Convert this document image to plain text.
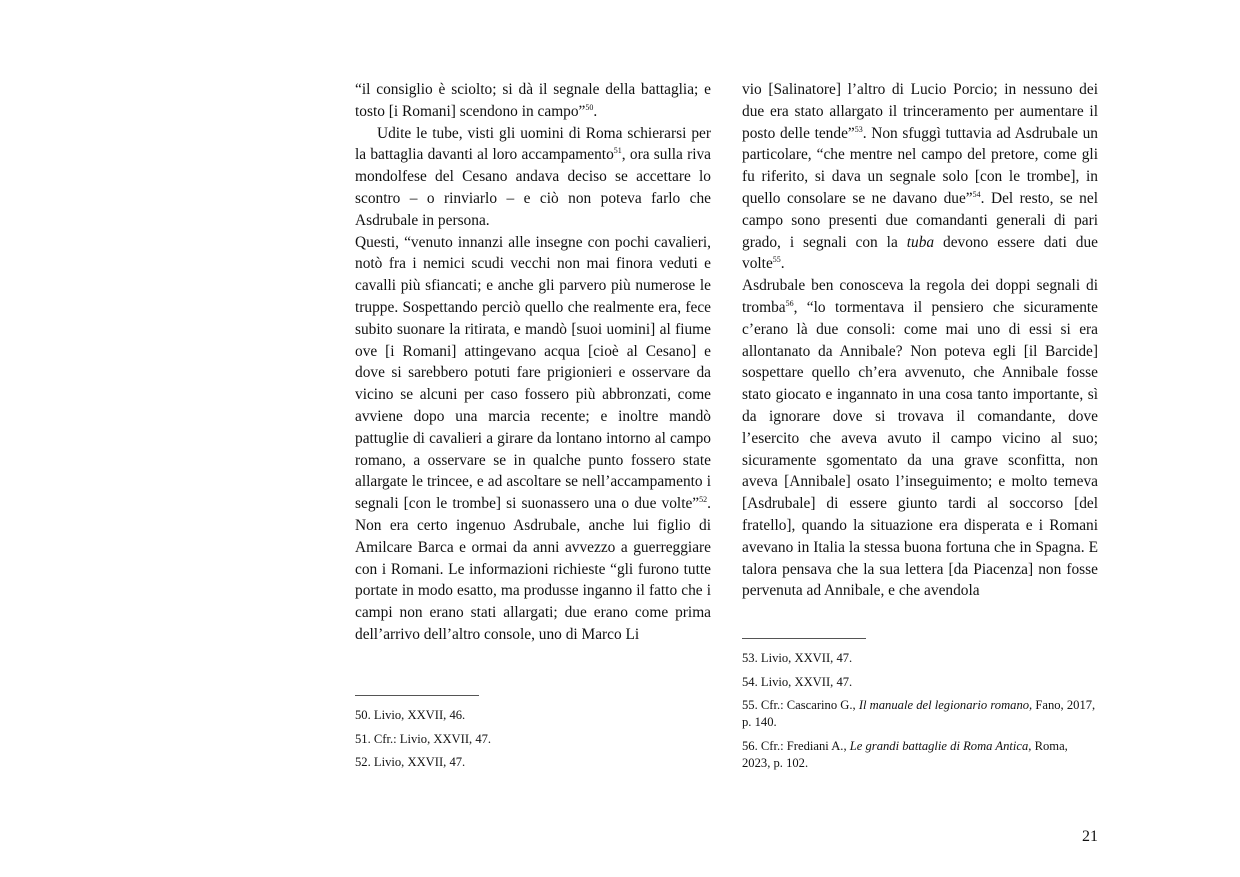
“il consiglio è sciolto; si dà il segnale della battaglia; e tosto [i Romani] scendono in campo”$^{50}$.

Udite le tube, visti gli uomini di Roma schierarsi per la battaglia davanti al loro accampamento$^{51}$, ora sulla riva mondolfese del Cesano andava deciso se accettare lo scontro – o rinviarlo – e ciò non poteva farlo che Asdrubale in persona.

Questi, “venuto innanzi alle insegne con pochi cavalieri, notò fra i nemici scudi vecchi non mai finora veduti e cavalli più sfiancati; e anche gli parvero più numerose le truppe. Sospettando perciò quello che realmente era, fece subito suonare la ritirata, e mandò [suoi uomini] al fiume ove [i Romani] attingevano acqua [cioè al Cesano] e dove si sarebbero potuti fare prigionieri e osservare da vicino se alcuni per caso fossero più abbronzati, come avviene dopo una marcia recente; e inoltre mandò pattuglie di cavalieri a girare da lontano intorno al campo romano, a osservare se in qualche punto fossero state allargate le trincee, e ad ascoltare se nell’accampamento i segnali [con le trombe] si suonassero una o due volte”$^{52}$. Non era certo ingenuo Asdrubale, anche lui figlio di Amilcare Barca e ormai da anni avvezzo a guerreggiare con i Romani. Le informazioni richieste “gli furono tutte portate in modo esatto, ma produsse inganno il fatto che i campi non erano stati allargati; due erano come prima dell’arrivo dell’altro console, uno di Marco Li

vio [Salinatore] l’altro di Lucio Porcio; in nessuno dei due era stato allargato il trinceramento per aumentare il posto delle tende”$^{53}$. Non sfuggì tuttavia ad Asdrubale un particolare, “che mentre nel campo del pretore, come gli fu riferito, si dava un segnale solo [con le trombe], in quello consolare se ne davano due”$^{54}$. Del resto, se nel campo sono presenti due comandanti generali di pari grado, i segnali con la tuba devono essere dati due volte$^{55}$.

Asdrubale ben conosceva la regola dei doppi segnali di tromba$^{56}$, “lo tormentava il pensiero che sicuramente c’erano là due consoli: come mai uno di essi si era allontanato da Annibale? Non poteva egli [il Barcide] sospettare quello ch’era avvenuto, che Annibale fosse stato giocato e ingannato in una cosa tanto importante, sì da ignorare dove si trovava il comandante, dove l’esercito che aveva avuto il campo vicino al suo; sicuramente sgomentato da una grave sconfitta, non aveva [Annibale] osato l’inseguimento; e molto temeva [Asdrubale] di essere giunto tardi al soccorso [del fratello], quando la situazione era disperata e i Romani avevano in Italia la stessa buona fortuna che in Spagna. E talora pensava che la sua lettera [da Piacenza] non fosse pervenuta ad Annibale, e che avendola

50. Livio, XXVII, 46.

51. Cfr.: Livio, XXVII, 47.

52. Livio, XXVII, 47.

53. Livio, XXVII, 47.

54. Livio, XXVII, 47.

55. Cfr.: Cascarino G., Il manuale del legionario romano, Fano, 2017, p. 140.

56. Cfr.: Frediani A., Le grandi battaglie di Roma Antica, Roma, 2023, p. 102.

21
